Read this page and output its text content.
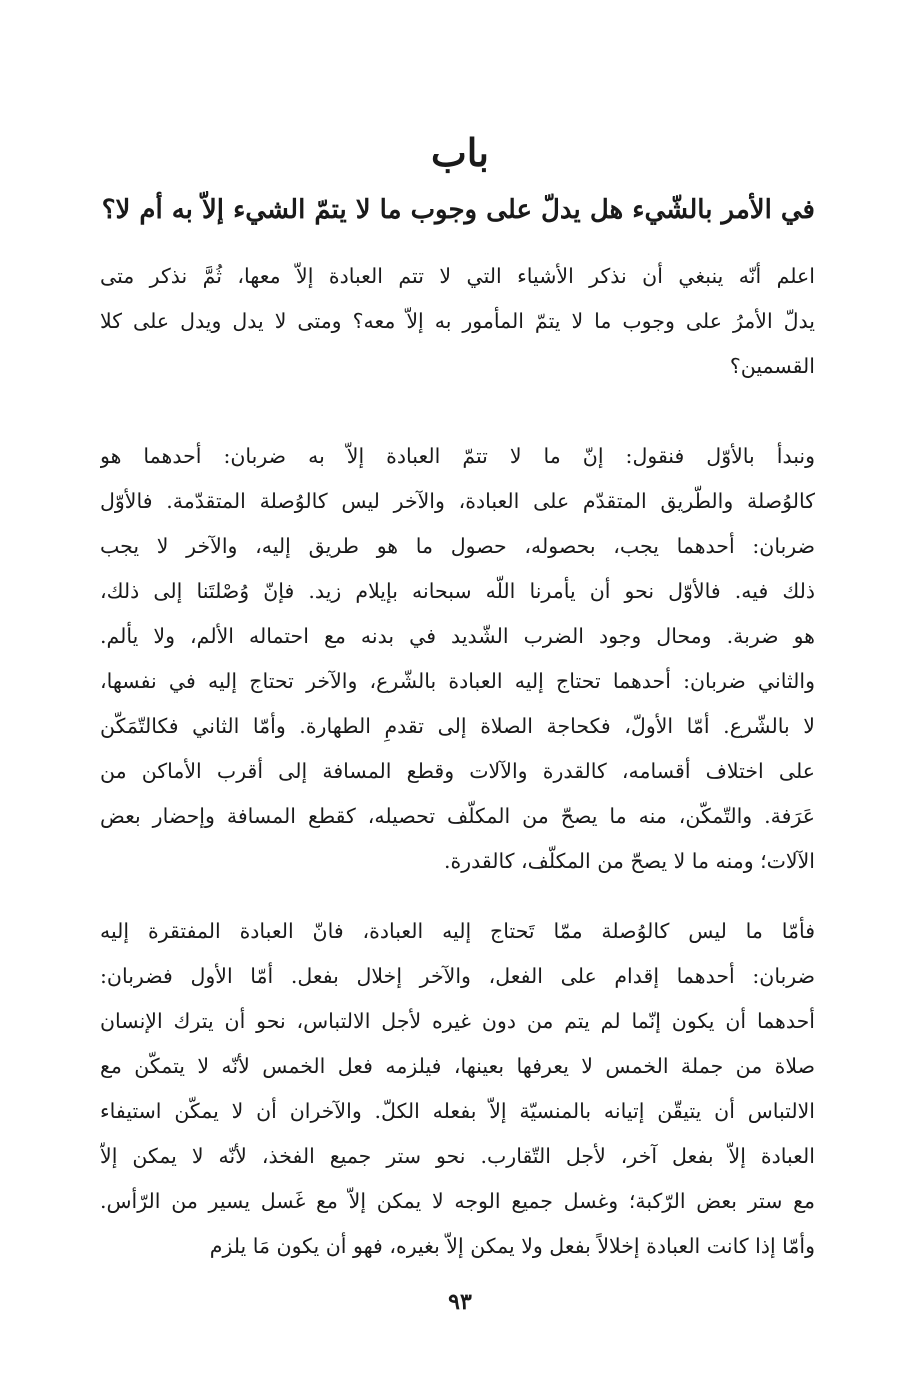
باب
في الأمر بالشّيء هل يدلّ على وجوب ما لا يتمّ الشيء إلاّ به أم لا؟
اعلم أنّه ينبغي أن نذكر الأشياء التي لا تتم العبادة إلاّ معها، ثُمَّ نذكر متى
يدلّ الأمرُ على وجوب ما لا يتمّ المأمور به إلاّ معه؟ ومتى لا يدل ويدل على كلا
القسمين؟
ونبدأ بالأوّل فنقول: إنّ ما لا تتمّ العبادة إلاّ به ضربان: أحدهما هو
كالوُصلة والطّريق المتقدّم على العبادة، والآخر ليس كالوُصلة المتقدّمة. فالأوّل
ضربان: أحدهما يجب، بحصوله، حصول ما هو طريق إليه، والآخر لا يجب
ذلك فيه. فالأوّل نحو أن يأمرنا اللّه سبحانه بإيلام زيد. فإنّ وُصْلتَنا إلى ذلك،
هو ضربة. ومحال وجود الضرب الشّديد في بدنه مع احتماله الألم، ولا يألم.
والثاني ضربان: أحدهما تحتاج إليه العبادة بالشّرع، والآخر تحتاج إليه في نفسها،
لا بالشّرع. أمّا الأولّ، فكحاجة الصلاة إلى تقدمِ الطهارة. وأمّا الثاني فكالتّمَكّن
على اختلاف أقسامه، كالقدرة والآلات وقطع المسافة إلى أقرب الأماكن من
عَرَفة. والتّمكّن، منه ما يصحّ من المكلّف تحصيله، كقطع المسافة وإحضار بعض
الآلات؛ ومنه ما لا يصحّ من المكلّف، كالقدرة.
فأمّا ما ليس كالوُصلة ممّا تَحتاج إليه العبادة، فانّ العبادة المفتقرة إليه
ضربان: أحدهما إقدام على الفعل، والآخر إخلال بفعل. أمّا الأول فضربان:
أحدهما أن يكون إنّما لم يتم من دون غيره لأجل الالتباس، نحو أن يترك الإنسان
صلاة من جملة الخمس لا يعرفها بعينها، فيلزمه فعل الخمس لأنّه لا يتمكّن مع
الالتباس أن يتيقّن إتيانه بالمنسيّة إلاّ بفعله الكلّ. والآخران أن لا يمكّن استيفاء
العبادة إلاّ بفعل آخر، لأجل التّقارب. نحو ستر جميع الفخذ، لأنّه لا يمكن إلاّ
مع ستر بعض الرّكبة؛ وغسل جميع الوجه لا يمكن إلاّ مع غَسل يسير من الرّأس.
وأمّا إذا كانت العبادة إخلالاً بفعل ولا يمكن إلاّ بغيره، فهو أن يكون مَا يلزم
٩٣
